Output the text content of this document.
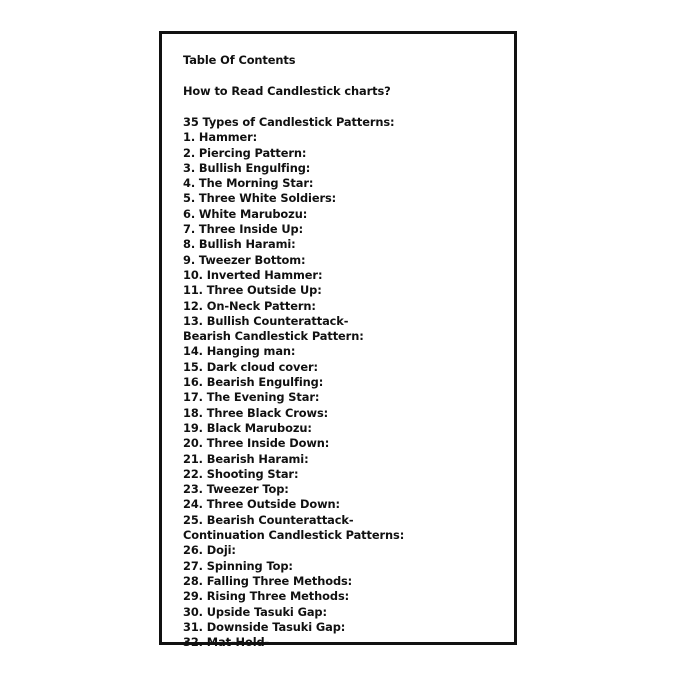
Table Of Contents

How to Read Candlestick charts?

35 Types of Candlestick Patterns:
1. Hammer:
2. Piercing Pattern:
3. Bullish Engulfing:
4. The Morning Star:
5. Three White Soldiers:
6. White Marubozu:
7. Three Inside Up:
8. Bullish Harami:
9. Tweezer Bottom:
10. Inverted Hammer:
11. Three Outside Up:
12. On-Neck Pattern:
13. Bullish Counterattack-
Bearish Candlestick Pattern:
14. Hanging man:
15. Dark cloud cover:
16. Bearish Engulfing:
17. The Evening Star:
18. Three Black Crows:
19. Black Marubozu:
20. Three Inside Down:
21. Bearish Harami:
22. Shooting Star:
23. Tweezer Top:
24. Three Outside Down:
25. Bearish Counterattack-
Continuation Candlestick Patterns:
26. Doji:
27. Spinning Top:
28. Falling Three Methods:
29. Rising Three Methods:
30. Upside Tasuki Gap:
31. Downside Tasuki Gap:
32. Mat-Hold-
